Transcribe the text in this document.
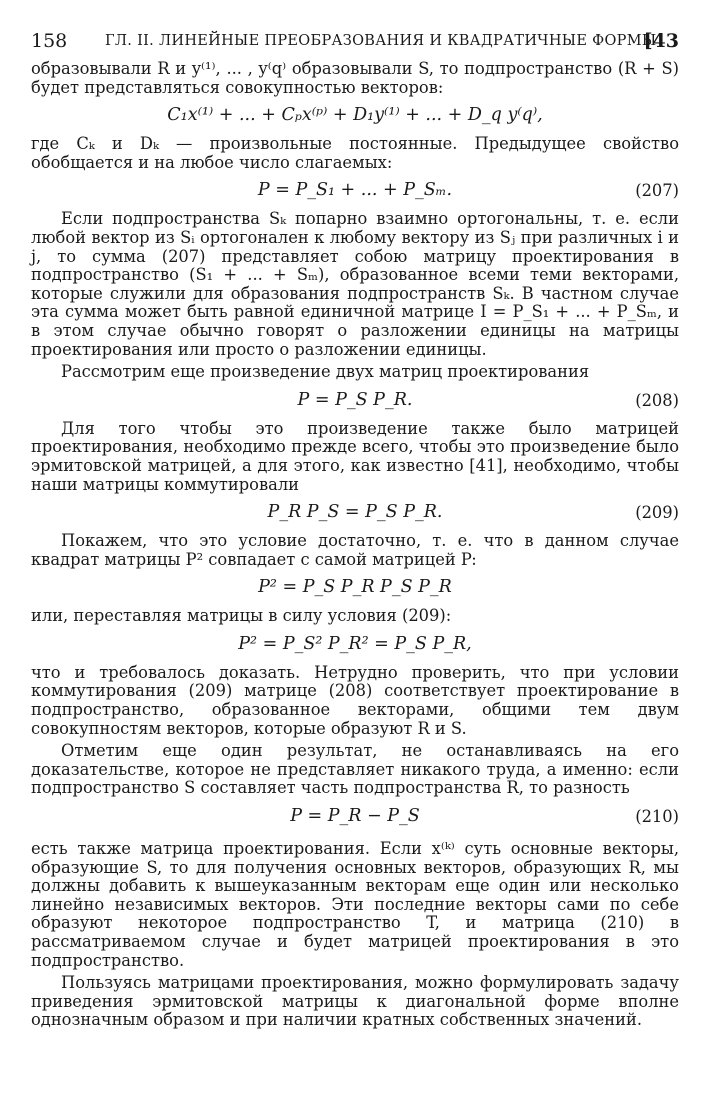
158	ГЛ. II. ЛИНЕЙНЫЕ ПРЕОБРАЗОВАНИЯ И КВАДРАТИЧНЫЕ ФОРМЫ
[43

образовывали R и y⁽¹⁾, ... , y⁽q⁾ образовывали S, то подпространство (R + S) будет представляться совокупностью векторов:

C₁x⁽¹⁾ + ... + Cₚx⁽ᵖ⁾ + D₁y⁽¹⁾ + ... + D_q y⁽q⁾,

где Cₖ и Dₖ — произвольные постоянные. Предыдущее свойство обобщается и на любое число слагаемых:

P = P_S₁ + ... + P_Sₘ.	(207)

Если подпространства Sₖ попарно взаимно ортогональны, т. е. если любой вектор из Sᵢ ортогонален к любому вектору из Sⱼ при различных i и j, то сумма (207) представляет собою матрицу проектирования в подпространство (S₁ + ... + Sₘ), образованное всеми теми векторами, которые служили для образования подпространств Sₖ. В частном случае эта сумма может быть равной единичной матрице I = P_S₁ + ... + P_Sₘ, и в этом случае обычно говорят о разложении единицы на матрицы проектирования или просто о разложении единицы.

Рассмотрим еще произведение двух матриц проектирования

P = P_S P_R.	(208)

Для того чтобы это произведение также было матрицей проектирования, необходимо прежде всего, чтобы это произведение было эрмитовской матрицей, а для этого, как известно [41], необходимо, чтобы наши матрицы коммутировали

P_R P_S = P_S P_R.	(209)

Покажем, что это условие достаточно, т. е. что в данном случае квадрат матрицы P² совпадает с самой матрицей P:

P² = P_S P_R P_S P_R

или, переставляя матрицы в силу условия (209):

P² = P_S² P_R² = P_S P_R,

что и требовалось доказать. Нетрудно проверить, что при условии коммутирования (209) матрице (208) соответствует проектирование в подпространство, образованное векторами, общими тем двум совокупностям векторов, которые образуют R и S.

Отметим еще один результат, не останавливаясь на его доказательстве, которое не представляет никакого труда, а именно: если подпространство S составляет часть подпространства R, то разность

P = P_R − P_S	(210)

есть также матрица проектирования. Если x⁽ᵏ⁾ суть основные векторы, образующие S, то для получения основных векторов, образующих R, мы должны добавить к вышеуказанным векторам еще один или несколько линейно независимых векторов. Эти последние векторы сами по себе образуют некоторое подпространство T, и матрица (210) в рассматриваемом случае и будет матрицей проектирования в это подпространство.

Пользуясь матрицами проектирования, можно формулировать задачу приведения эрмитовской матрицы к диагональной форме вполне однозначным образом и при наличии кратных собственных значений.
